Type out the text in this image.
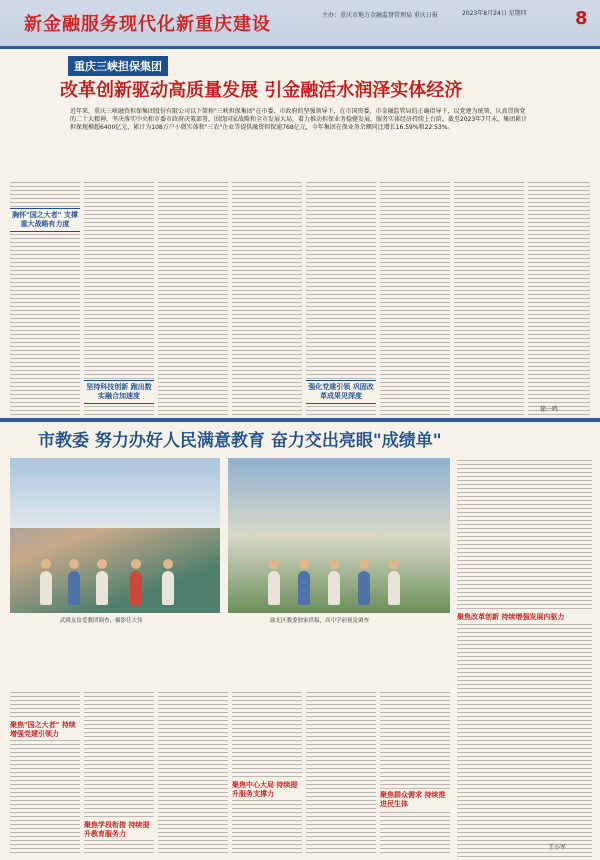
新金融服务现代化新重庆建设	主办：重庆市地方金融监督管理局 重庆日报	2023年8月24日 星期四	8
重庆三峡担保集团
改革创新驱动高质量发展 引金融活水润泽实体经济
近年来，重庆三峡融资担保集团股份有限公司以下简称"三峡担保集团"在市委、市政府的坚强领导下，在市国资委、市金融监管局的正确指导下，以党建为统领，认真贯彻党的二十大精神，坚决落实中央和市委市政府决策部署，围绕国家战略和全市发展大局，着力推动担保业务稳健发展，服务实体经济持续上台阶。截至2023年7月末，集团累计担保规模超6400亿元，累计为108万户小微实体和"三农"企业等提供融资担保逾768亿元，今年集团在保业务余额同比增长16.59%和22.53%。
胸怀"国之大者" 支撑重大战略有力度
坚持科技创新 跑出数实融合加速度
强化党建引领 巩固改革成果见深度
徐一鸣
市教委 努力办好人民满意教育 奋力交出亮眼"成绩单"
武隆友谊爱教团调查，摄影任大伟	渝北区教委独家供稿，高中学前视觉调查
聚焦"国之大者" 持续增强党建引领力
聚焦学段衔接 持续提升教育服务力
聚焦中心大局 持续提升服务支撑力	聚焦群众需求 持续推进民生体
聚焦改革创新 持续增强发展内驱力
王小军
